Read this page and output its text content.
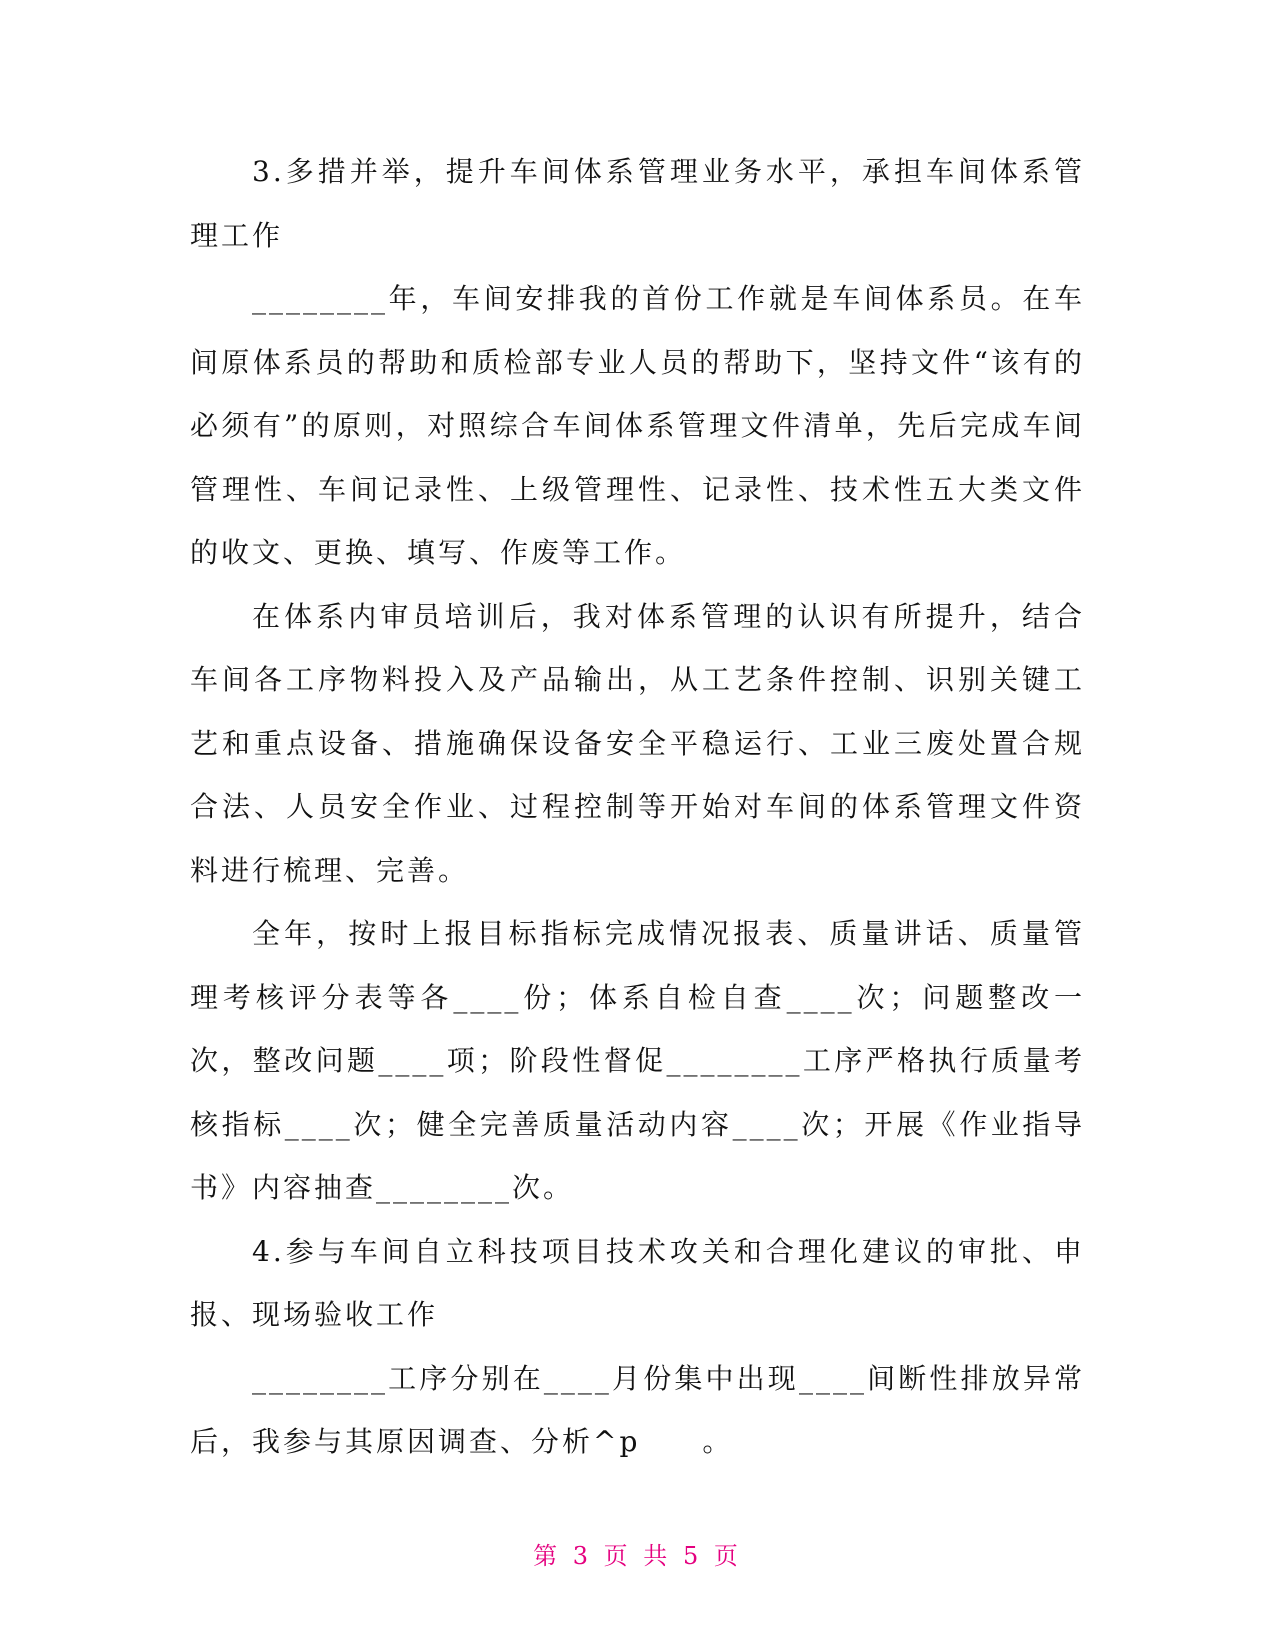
3.多措并举，提升车间体系管理业务水平，承担车间体系管理工作

________年，车间安排我的首份工作就是车间体系员。在车间原体系员的帮助和质检部专业人员的帮助下，坚持文件“该有的必须有”的原则，对照综合车间体系管理文件清单，先后完成车间管理性、车间记录性、上级管理性、记录性、技术性五大类文件的收文、更换、填写、作废等工作。

在体系内审员培训后，我对体系管理的认识有所提升，结合车间各工序物料投入及产品输出，从工艺条件控制、识别关键工艺和重点设备、措施确保设备安全平稳运行、工业三废处置合规合法、人员安全作业、过程控制等开始对车间的体系管理文件资料进行梳理、完善。

全年，按时上报目标指标完成情况报表、质量讲话、质量管理考核评分表等各____份；体系自检自查____次；问题整改一次，整改问题____项；阶段性督促________工序严格执行质量考核指标____次；健全完善质量活动内容____次；开展《作业指导书》内容抽查________次。

4.参与车间自立科技项目技术攻关和合理化建议的审批、申报、现场验收工作

________工序分别在____月份集中出现____间断性排放异常后，我参与其原因调查、分析^p　　。

第 3 页 共 5 页
